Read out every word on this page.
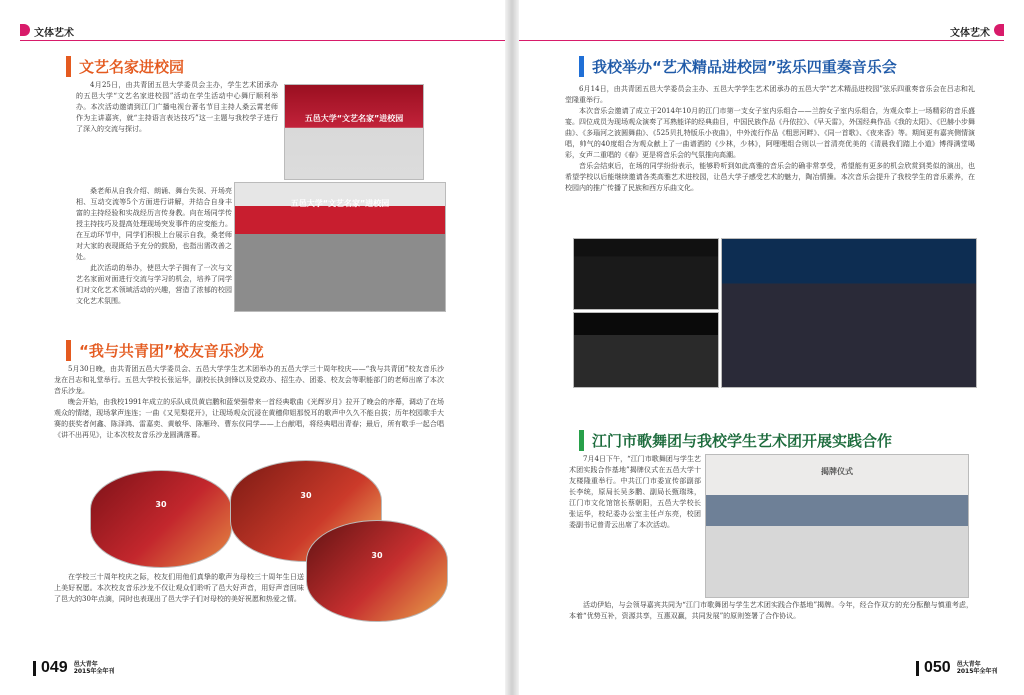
文体艺术
文艺名家进校园

4月25日，由共青团五邑大学委员会主办，学生艺术团承办的五邑大学“文艺名家进校园”活动在学生活动中心舞厅顺利举办。本次活动邀请到江门广播电视台著名节目主持人桑云霄老师作为主讲嘉宾，就“主持语言表达技巧”这一主题与我校学子进行了深入的交流与探讨。

桑老师从自我介绍、朗诵、舞台失误、开场亮相、互动交流等5个方面进行讲解，并结合自身丰富的主持经验和实战经历言传身教。向在场同学传授主持技巧及提高处理现场突发事件的应变能力。在互动环节中，同学们积极上台展示自我，桑老师对大家的表现既给予充分的鼓励，也指出需改善之处。

此次活动的举办，使邑大学子拥有了一次与文艺名家面对面进行交流与学习的机会，培养了同学们对文化艺术领域活动的兴趣，营造了浓郁的校园文化艺术氛围。

五邑大学“文艺名家”进校园
五邑大学“文艺名家”进校园
“我与共青团”校友音乐沙龙

5月30日晚，由共青团五邑大学委员会、五邑大学学生艺术团举办的五邑大学三十周年校庆——“我与共青团”校友音乐沙龙在吕志和礼堂举行。五邑大学校长张运华，副校长执剑锋以及党政办、招生办、团委、校友会等职能部门的老师出席了本次音乐沙龙。

晚会开始，由我校1991年成立的乐队成员黄启鹏和蓝荣强带来一首经典歌曲《光辉岁月》拉开了晚会的序幕，调动了在场观众的情绪，现场掌声连连；一曲《又见梨花开》，让现场观众沉浸在黄穗仰姐那悦耳的歌声中久久不能自拔；历年校园歌手大赛的获奖者何鑫、陈泽鸿、雷嘉奕、黄敏华、陈雁玲、曹东仪同学——上台献唱，将经典唱出青春；最后，所有歌手一起合唱《讲不出再见》，让本次校友音乐沙龙圆满落幕。

30
30
30

在学校三十周年校庆之际，校友们用他们真挚的歌声为母校三十周年生日送上美好祝愿。本次校友音乐沙龙不仅让观众们聆听了邑大好声音，用好声音回味了邑大的30年点滴，同时也表现出了邑大学子们对母校的美好祝愿和热爱之情。

049 邑大青年
2015年全年刊
文体艺术
我校举办“艺术精品进校园”弦乐四重奏音乐会

6月14日，由共青团五邑大学委员会主办、五邑大学学生艺术团承办的五邑大学“艺术精品进校园”弦乐四重奏音乐会在吕志和礼堂隆重举行。

本次音乐会邀请了成立于2014年10月的江门市第一支女子室内乐组合——兰韵女子室内乐组合，为观众奉上一场精彩的音乐盛宴。四位成员为现场观众演奏了耳熟能详的经典曲目，中国民族作品《丹依拉》、《早天雷》，外国经典作品《我的太阳》、《巴赫小步舞曲》、《多瑙河之波圆舞曲》、《525贝扎特版乐小夜曲》，中外流行作品《粗思河畔》、《同一首歌》、《夜来香》等。期间更有嘉宾侧情演唱，帅气的40度组合为观众献上了一曲谱洒的《少林，少林》，阿哩哩组合则以一首清亮优美的《清晨我们踏上小道》博得满堂喝彩，女声二重唱的《春》更是将音乐会的气氛推向高潮。

音乐会结束后，在场的同学纷纷表示，能够聆听到如此高雅的音乐会的确非常享受，希望能有更多的机会欣赏到类似的演出，也希望学校以后能继续邀请各类高雅艺术进校园，让邑大学子感受艺术的魅力，陶冶情操。本次音乐会提升了我校学生的音乐素养，在校园内的推广传播了民族和西方乐曲文化。

江门市歌舞团与我校学生艺术团开展实践合作

7月4日下午，“江门市歌舞团与学生艺术团实践合作基地”揭牌仪式在五邑大学十友楼隆重举行。中共江门市委宣传部副部长李统，原局长吴多鹏、副局长甄瑞珠，江门市文化馆馆长蔡朝阳，五邑大学校长张运华，校纪委办公室主任卢东亮，校团委副书记曾青云出席了本次活动。

揭牌仪式

活动伊始，与会领导嘉宾共同为“江门市歌舞团与学生艺术团实践合作基地”揭牌。今年，经合作双方的充分酝酿与慎重考虑，本着“优势互补，资源共享，互惠双赢，共同发展”的原则签署了合作协议。

050 邑大青年
2015年全年刊
